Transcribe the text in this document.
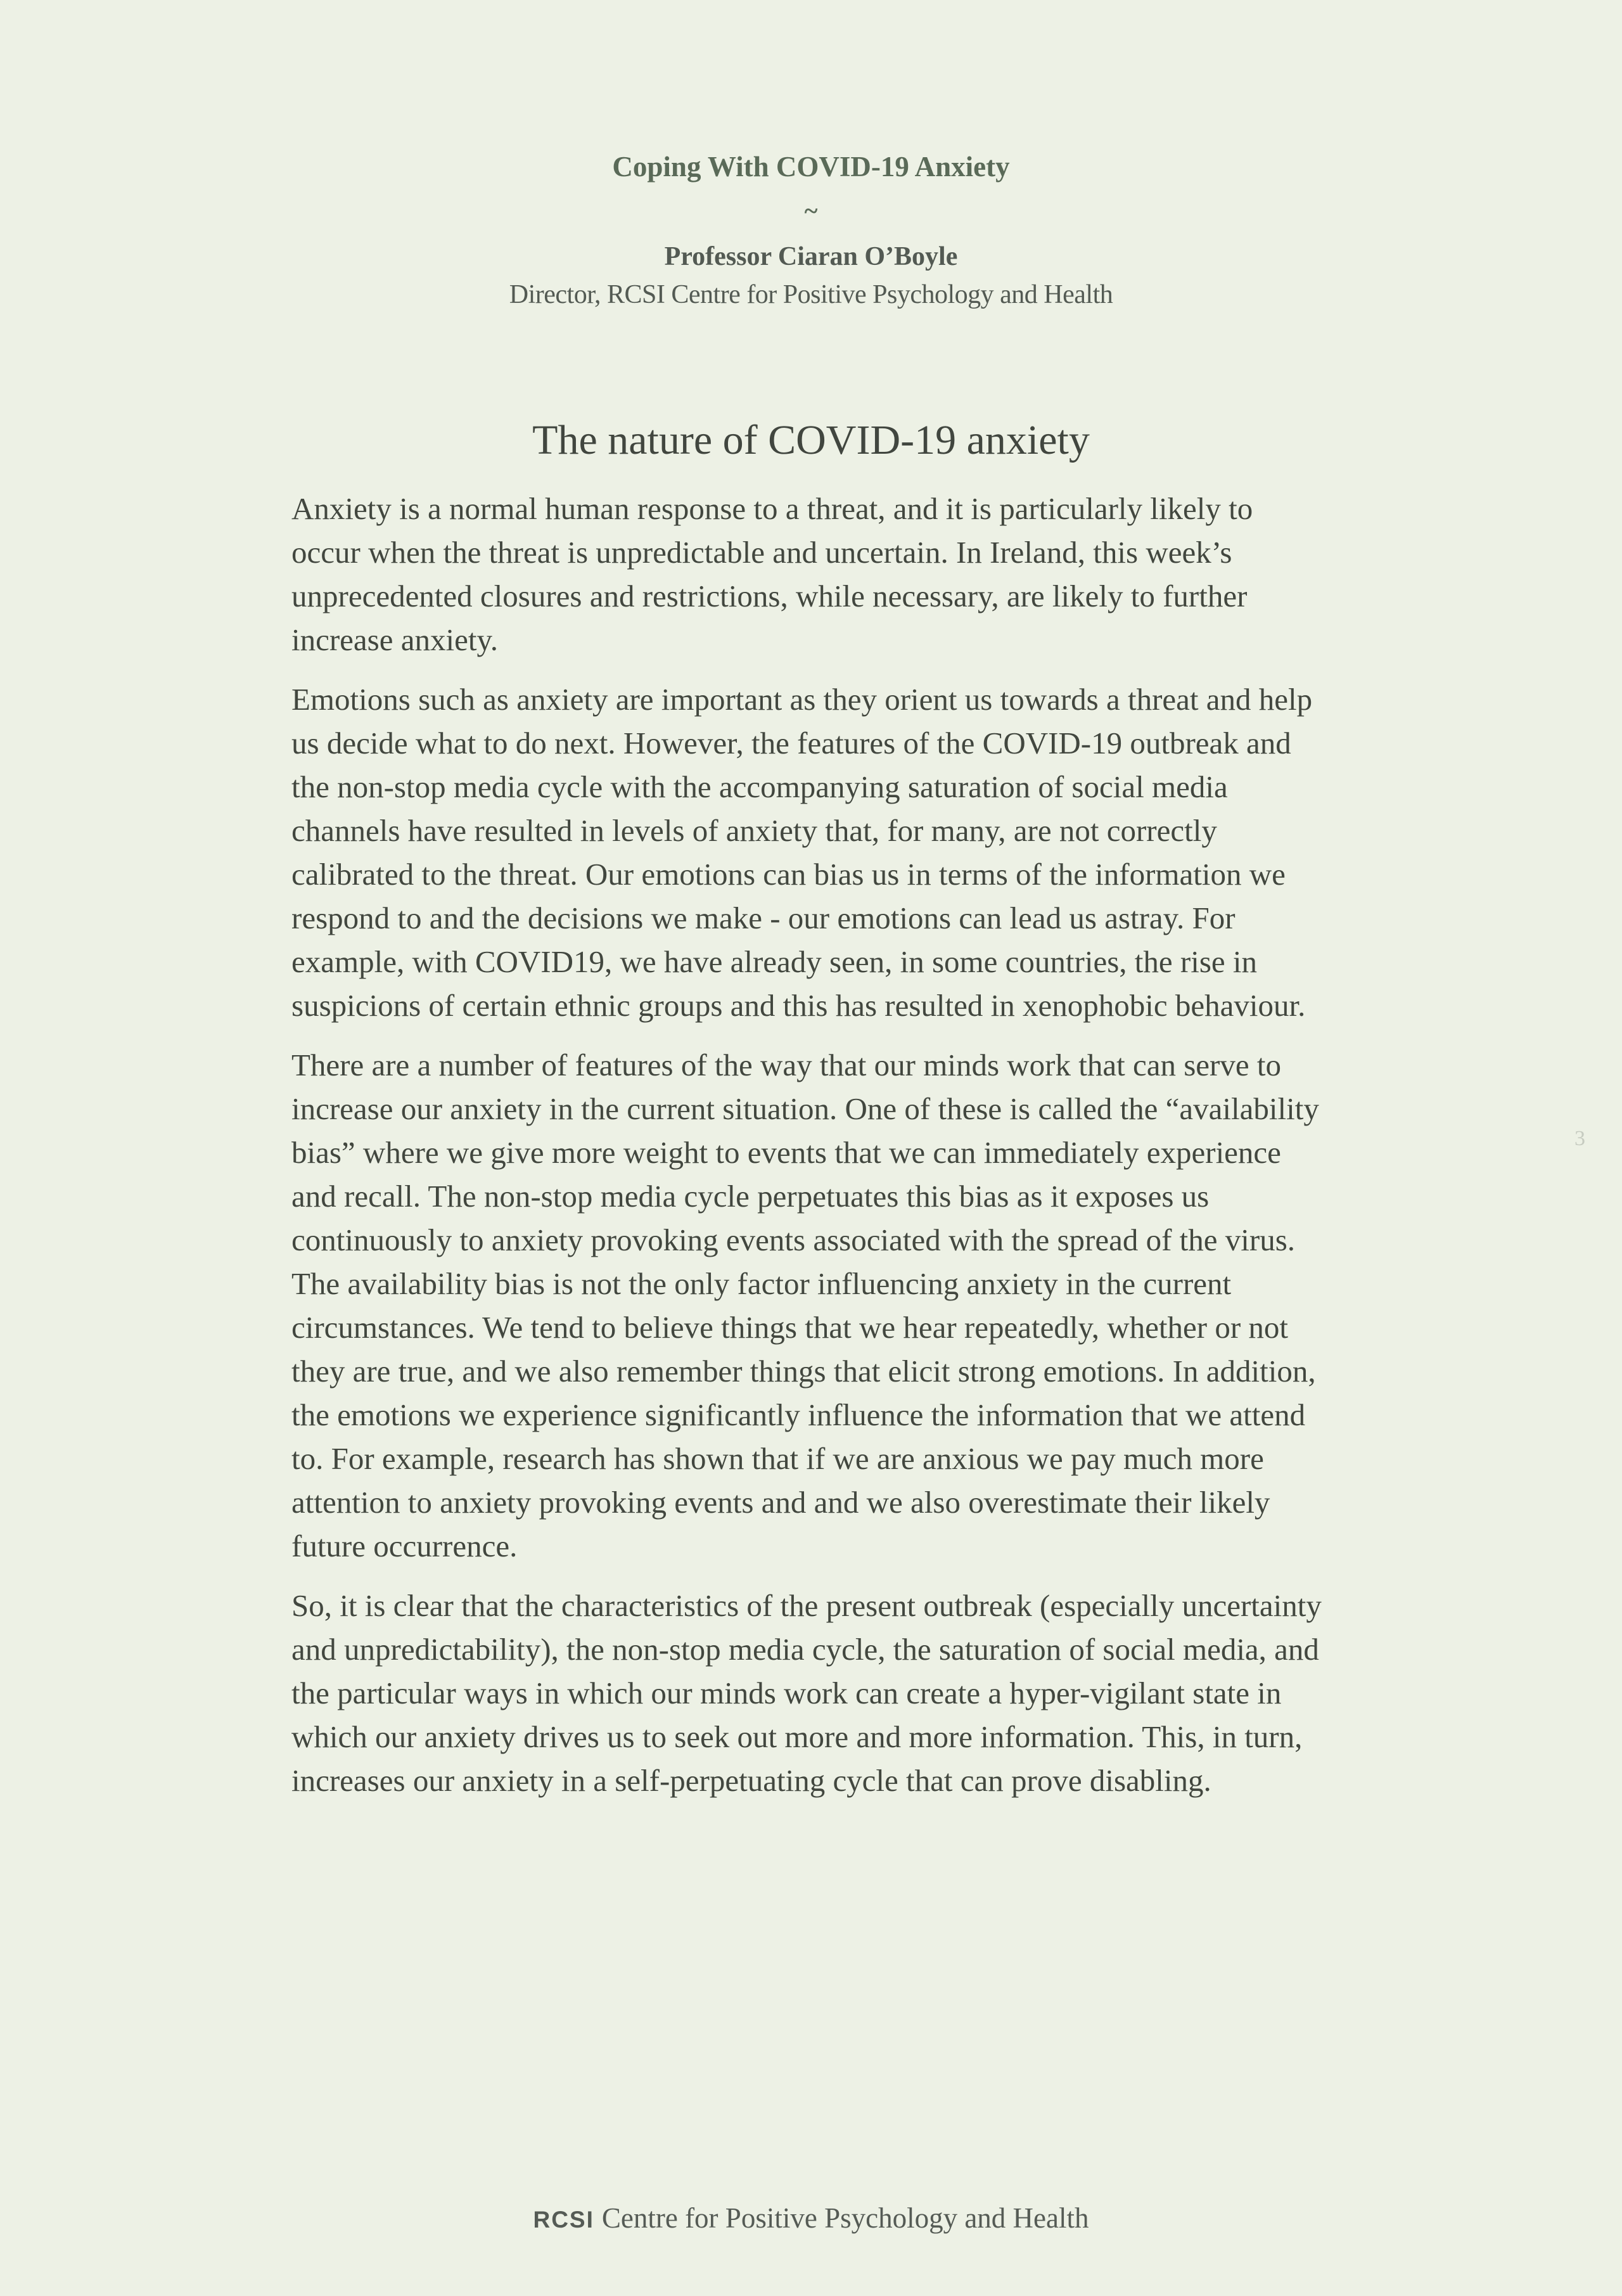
Coping With COVID-19 Anxiety

~

Professor Ciaran O’Boyle

Director, RCSI Centre for Positive Psychology and Health

The nature of COVID-19 anxiety

Anxiety is a normal human response to a threat, and it is particularly likely to occur when the threat is unpredictable and uncertain. In Ireland, this week’s unprecedented closures and restrictions, while necessary, are likely to further increase anxiety.

Emotions such as anxiety are important as they orient us towards a threat and help us decide what to do next. However, the features of the COVID-19 outbreak and the non-stop media cycle with the accompanying saturation of social media channels have resulted in levels of anxiety that, for many, are not correctly calibrated to the threat. Our emotions can bias us in terms of the information we respond to and the decisions we make - our emotions can lead us astray. For example, with COVID19, we have already seen, in some countries, the rise in suspicions of certain ethnic groups and this has resulted in xenophobic behaviour.

There are a number of features of the way that our minds work that can serve to increase our anxiety in the current situation. One of these is called the “availability bias” where we give more weight to events that we can immediately experience and recall. The non-stop media cycle perpetuates this bias as it exposes us continuously to anxiety provoking events associated with the spread of the virus. The availability bias is not the only factor influencing anxiety in the current circumstances. We tend to believe things that we hear repeatedly, whether or not they are true, and we also remember things that elicit strong emotions. In addition, the emotions we experience significantly influence the information that we attend to. For example, research has shown that if we are anxious we pay much more attention to anxiety provoking events and and we also overestimate their likely future occurrence.

So, it is clear that the characteristics of the present outbreak (especially uncertainty and unpredictability), the non-stop media cycle, the saturation of social media, and the particular ways in which our minds work can create a hyper-vigilant state in which our anxiety drives us to seek out more and more information. This, in turn, increases our anxiety in a self-perpetuating cycle that can prove disabling.

3
RCSI Centre for Positive Psychology and Health
